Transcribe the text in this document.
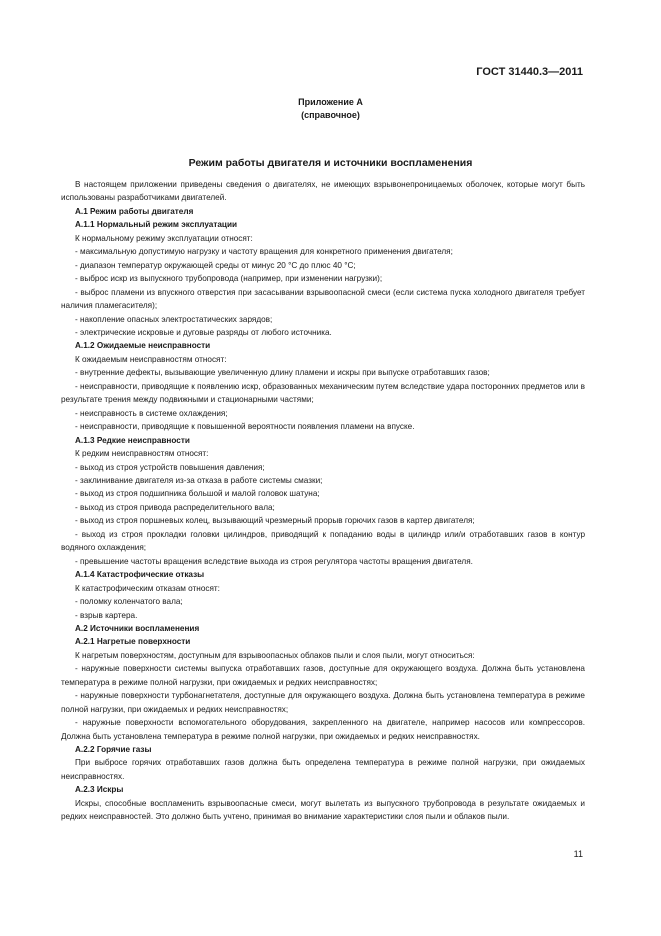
ГОСТ 31440.3—2011
Приложение А
(справочное)
Режим работы двигателя и источники воспламенения

В настоящем приложении приведены сведения о двигателях, не имеющих взрывонепроницаемых оболочек, которые могут быть использованы разработчиками двигателей.

А.1 Режим работы двигателя

А.1.1 Нормальный режим эксплуатации

К нормальному режиму эксплуатации относят:

- максимальную допустимую нагрузку и частоту вращения для конкретного применения двигателя;

- диапазон температур окружающей среды от минус 20 °С до плюс 40 °С;

- выброс искр из выпускного трубопровода (например, при изменении нагрузки);

- выброс пламени из впускного отверстия при засасывании взрывоопасной смеси (если система пуска холодного двигателя требует наличия пламегасителя);

- накопление опасных электростатических зарядов;

- электрические искровые и дуговые разряды от любого источника.

А.1.2 Ожидаемые неисправности

К ожидаемым неисправностям относят:

- внутренние дефекты, вызывающие увеличенную длину пламени и искры при выпуске отработавших газов;

- неисправности, приводящие к появлению искр, образованных механическим путем вследствие удара посторонних предметов или в результате трения между подвижными и стационарными частями;

- неисправность в системе охлаждения;

- неисправности, приводящие к повышенной вероятности появления пламени на впуске.

А.1.3 Редкие неисправности

К редким неисправностям относят:

- выход из строя устройств повышения давления;

- заклинивание двигателя из-за отказа в работе системы смазки;

- выход из строя подшипника большой и малой головок шатуна;

- выход из строя привода распределительного вала;

- выход из строя поршневых колец, вызывающий чрезмерный прорыв горючих газов в картер двигателя;

- выход из строя прокладки головки цилиндров, приводящий к попаданию воды в цилиндр или/и отработавших газов в контур водяного охлаждения;

- превышение частоты вращения вследствие выхода из строя регулятора частоты вращения двигателя.

А.1.4 Катастрофические отказы

К катастрофическим отказам относят:

- поломку коленчатого вала;

- взрыв картера.

А.2 Источники воспламенения

А.2.1 Нагретые поверхности

К нагретым поверхностям, доступным для взрывоопасных облаков пыли и слоя пыли, могут относиться:

- наружные поверхности системы выпуска отработавших газов, доступные для окружающего воздуха. Должна быть установлена температура в режиме полной нагрузки, при ожидаемых и редких неисправностях;

- наружные поверхности турбонагнетателя, доступные для окружающего воздуха. Должна быть установлена температура в режиме полной нагрузки, при ожидаемых и редких неисправностях;

- наружные поверхности вспомогательного оборудования, закрепленного на двигателе, например насосов или компрессоров. Должна быть установлена температура в режиме полной нагрузки, при ожидаемых и редких неисправностях.

А.2.2 Горячие газы

При выбросе горячих отработавших газов должна быть определена температура в режиме полной нагрузки, при ожидаемых неисправностях.

А.2.3 Искры

Искры, способные воспламенить взрывоопасные смеси, могут вылетать из выпускного трубопровода в результате ожидаемых и редких неисправностей. Это должно быть учтено, принимая во внимание характеристики слоя пыли и облаков пыли.

11
